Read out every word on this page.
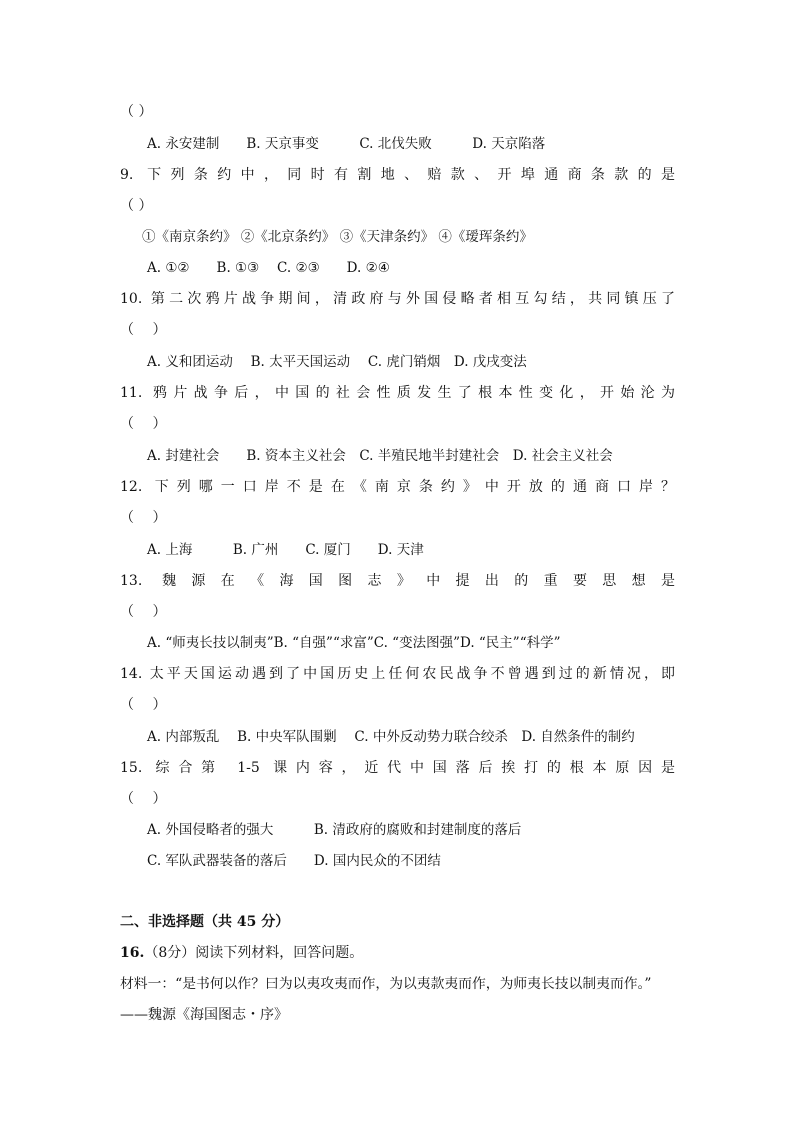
（ ）
A. 永安建制　　B. 天京事变　　　C. 北伐失败　　　D. 天京陷落
9. 下列条约中，同时有割地、赔款、开埠通商条款的是
（ ）
①《南京条约》 ②《北京条约》 ③《天津条约》 ④《瑷珲条约》
A. ①②　　B. ①③　 C. ②③　　D. ②④
10. 第二次鸦片战争期间，清政府与外国侵略者相互勾结，共同镇压了
（　 ）
A. 义和团运动　 B. 太平天国运动　 C. 虎门销烟　D. 戊戌变法
11. 鸦片战争后，中国的社会性质发生了根本性变化，开始沦为
（　 ）
A. 封建社会　　B. 资本主义社会　C. 半殖民地半封建社会　D. 社会主义社会
12. 下列哪一口岸不是在《南京条约》中开放的通商口岸？
（　 ）
A. 上海　　　B. 广州　　C. 厦门　　D. 天津
13. 魏源在《海国图志》中提出的重要思想是
（　 ）
A. “师夷长技以制夷”B. “自强”“求富”C. “变法图强”D. “民主”“科学”
14. 太平天国运动遇到了中国历史上任何农民战争不曾遇到过的新情况，即
（　 ）
A. 内部叛乱　 B. 中央军队围剿　 C. 中外反动势力联合绞杀　D. 自然条件的制约
15. 综合第 1-5 课内容，近代中国落后挨打的根本原因是
（　 ）
A. 外国侵略者的强大　　　B. 清政府的腐败和封建制度的落后
C. 军队武器装备的落后　　D. 国内民众的不团结
二、非选择题（共 45 分）
16.（8分）阅读下列材料，回答问题。
材料一：“是书何以作？曰为以夷攻夷而作，为以夷款夷而作，为师夷长技以制夷而作。”
——魏源《海国图志・序》
